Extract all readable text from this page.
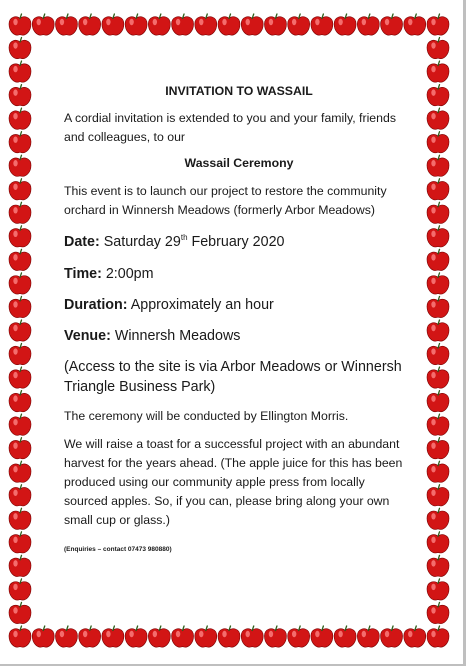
INVITATION TO WASSAIL

A cordial invitation is extended to you and your family, friends and colleagues, to our

Wassail Ceremony

This event is to launch our project to restore the community orchard in Winnersh Meadows (formerly Arbor Meadows)

Date: Saturday 29th February 2020

Time: 2:00pm

Duration: Approximately an hour

Venue: Winnersh Meadows

(Access to the site is via Arbor Meadows or Winnersh Triangle Business Park)

The ceremony will be conducted by Ellington Morris.

We will raise a toast for a successful project with an abundant harvest for the years ahead. (The apple juice for this has been produced using our community apple press from locally sourced apples. So, if you can, please bring along your own small cup or glass.)

(Enquiries – contact 07473 980880)
